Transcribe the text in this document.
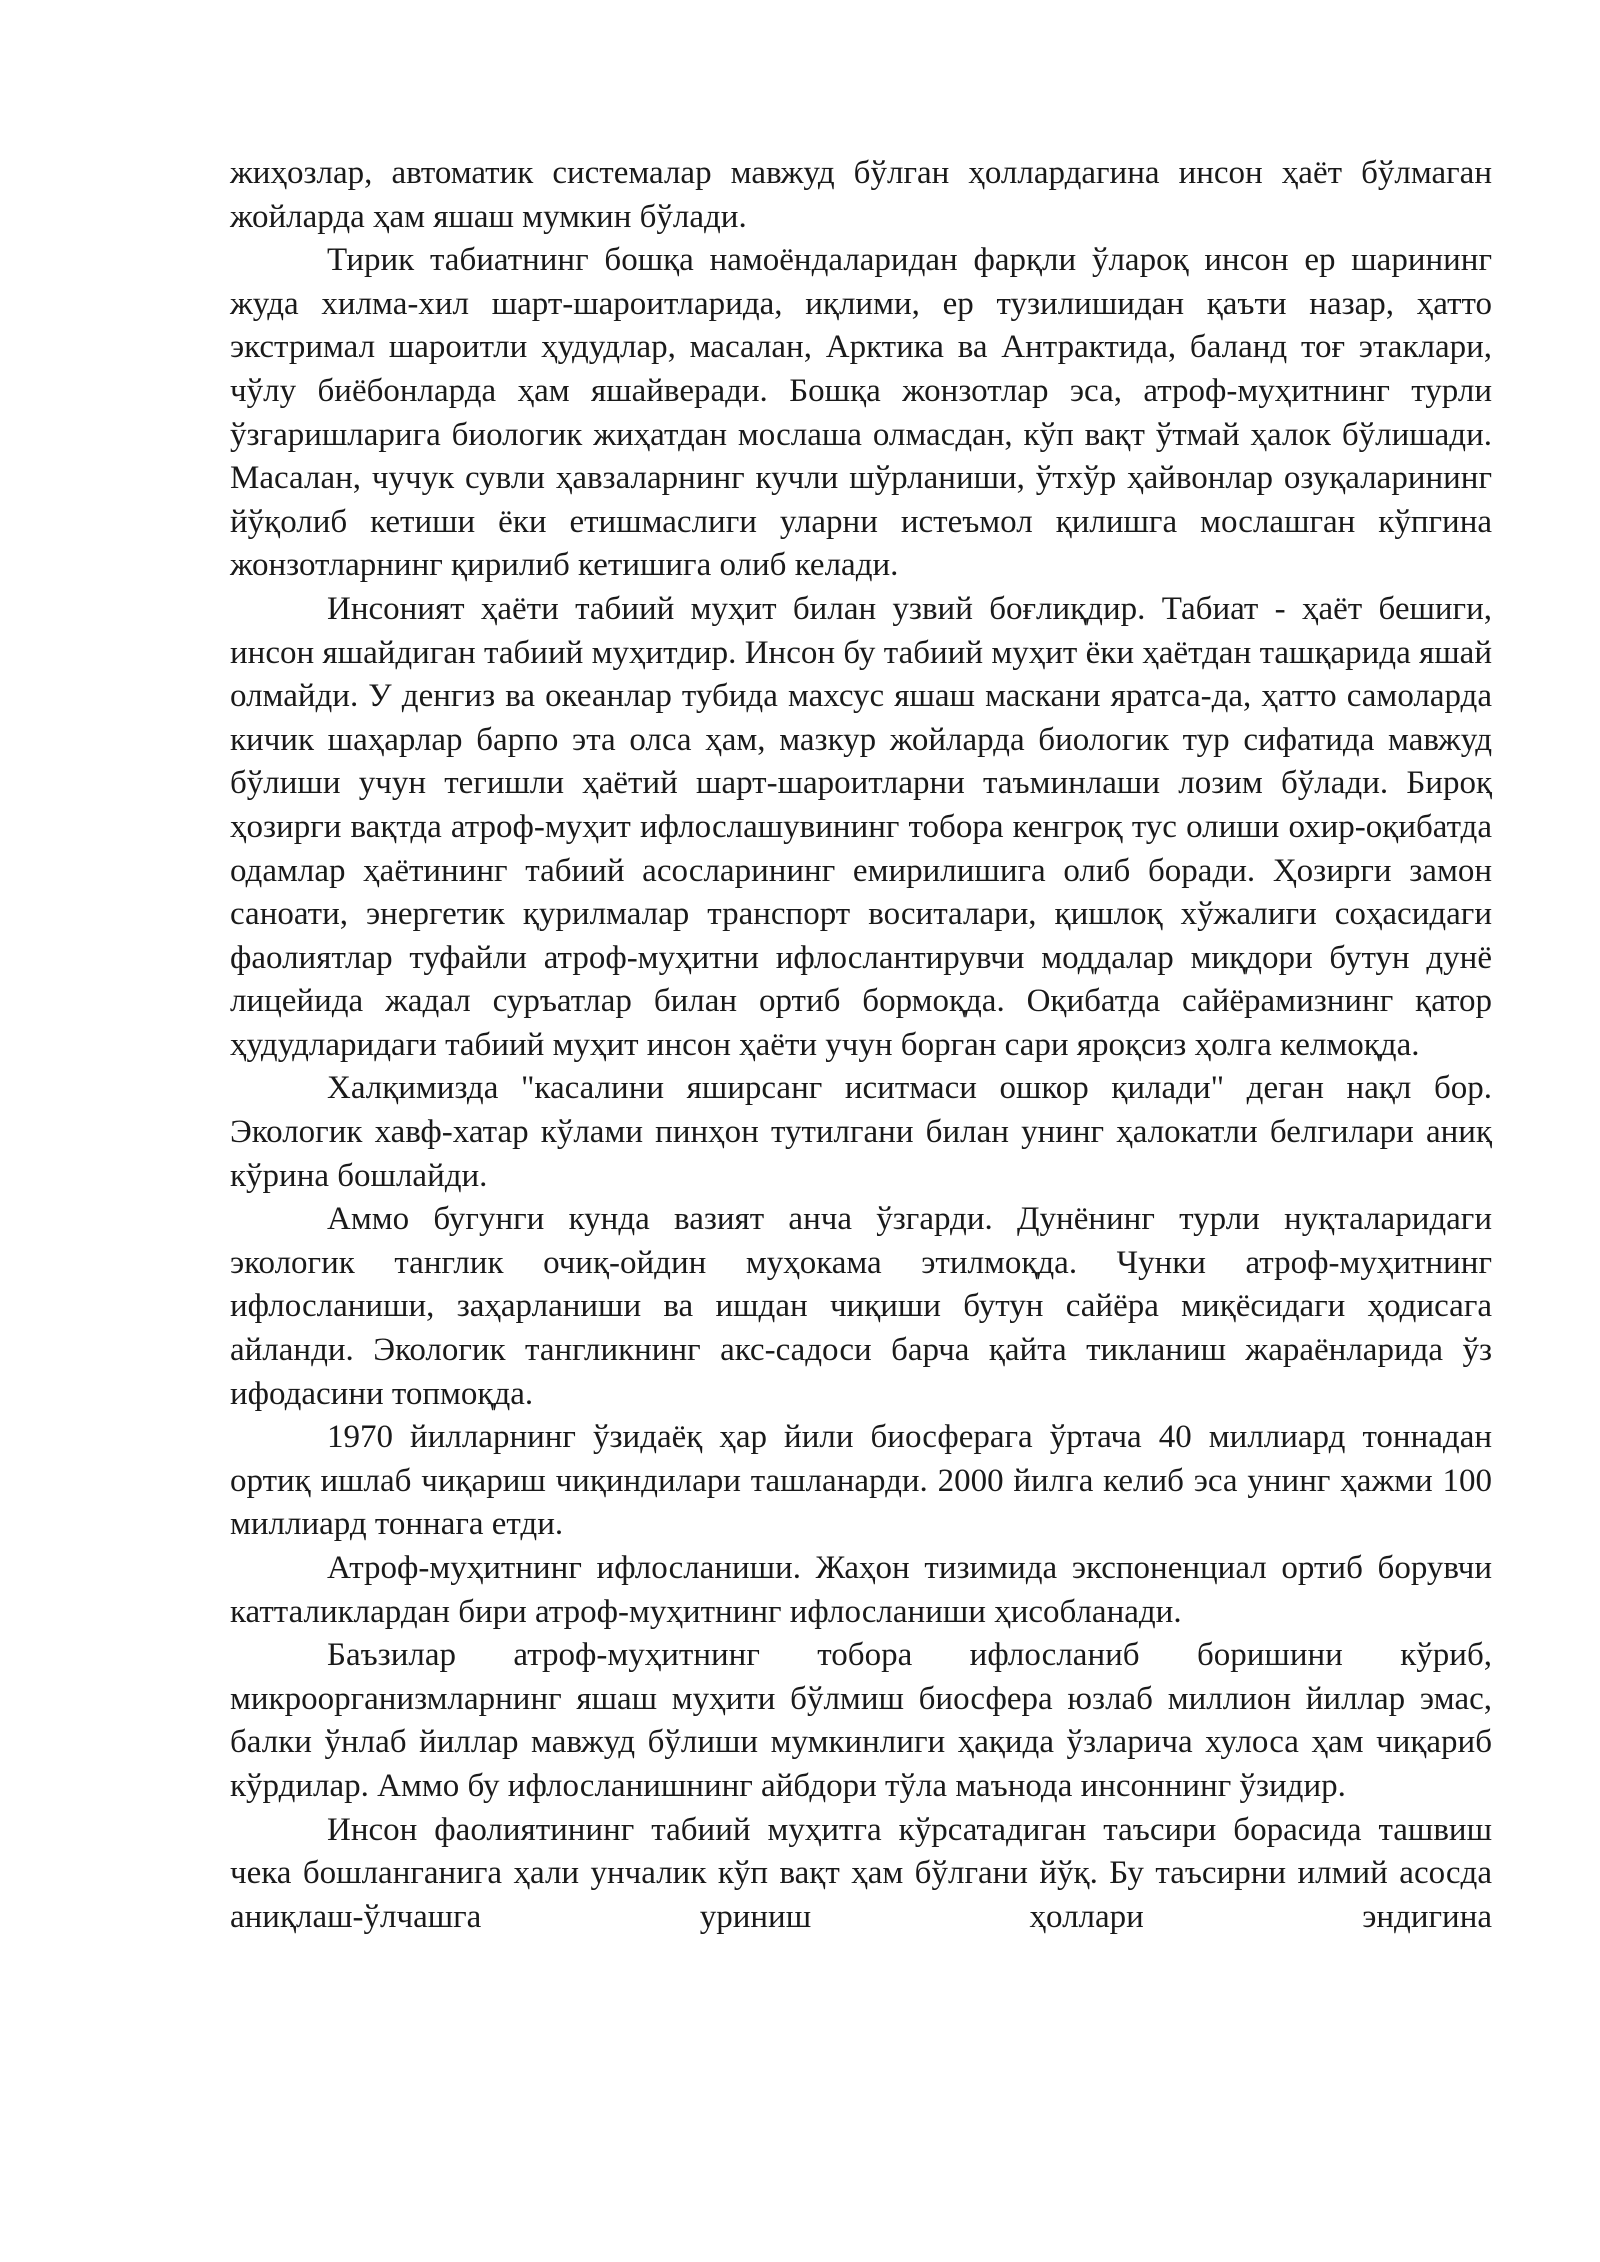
жиҳозлар, автоматик системалар мавжуд бўлган ҳоллардагина инсон ҳаёт бўлмаган жойларда ҳам яшаш мумкин бўлади.

Тирик табиатнинг бошқа намоёндаларидан фарқли ўлароқ инсон ер шарининг жуда хилма-хил шарт-шароитларида, иқлими, ер тузилишидан қаъти назар, ҳатто экстримал шароитли ҳудудлар, масалан, Арктика ва Антрактида, баланд тоғ этаклари, чўлу биёбонларда ҳам яшайверади. Бошқа жонзотлар эса, атроф-муҳитнинг турли ўзгаришларига биологик жиҳатдан мослаша олмасдан, кўп вақт ўтмай ҳалок бўлишади. Масалан, чучук сувли ҳавзаларнинг кучли шўрланиши, ўтхўр ҳайвонлар озуқаларининг йўқолиб кетиши ёки етишмаслиги уларни истеъмол қилишга мослашган кўпгина жонзотларнинг қирилиб кетишига олиб келади.

Инсоният ҳаёти табиий муҳит билан узвий боғлиқдир. Табиат - ҳаёт бешиги, инсон яшайдиган табиий муҳитдир. Инсон бу табиий муҳит ёки ҳаётдан ташқарида яшай олмайди. У денгиз ва океанлар тубида махсус яшаш маскани яратса-да, ҳатто самоларда кичик шаҳарлар барпо эта олса ҳам, мазкур жойларда биологик тур сифатида мавжуд бўлиши учун тегишли ҳаётий шарт-шароитларни таъминлаши лозим бўлади. Бироқ ҳозирги вақтда атроф-муҳит ифлослашувининг тобора кенгроқ тус олиши охир-оқибатда одамлар ҳаётининг табиий асосларининг емирилишига олиб боради. Ҳозирги замон саноати, энергетик қурилмалар транспорт воситалари, қишлоқ хўжалиги соҳасидаги фаолиятлар туфайли атроф-муҳитни ифлослантирувчи моддалар миқдори бутун дунё лицейида жадал суръатлар билан ортиб бормоқда. Оқибатда сайёрамизнинг қатор ҳудудларидаги табиий муҳит инсон ҳаёти учун борган сари яроқсиз ҳолга келмоқда.

Халқимизда "касалини яширсанг иситмаси ошкор қилади" деган нақл бор. Экологик хавф-хатар кўлами пинҳон тутилгани билан унинг ҳалокатли белгилари аниқ кўрина бошлайди.

Аммо бугунги кунда вазият анча ўзгарди. Дунёнинг турли нуқталаридаги экологик танглик очиқ-ойдин муҳокама этилмоқда. Чунки атроф-муҳитнинг ифлосланиши, заҳарланиши ва ишдан чиқиши бутун сайёра миқёсидаги ҳодисага айланди. Экологик тангликнинг акс-садоси барча қайта тикланиш жараёнларида ўз ифодасини топмоқда.

1970 йилларнинг ўзидаёқ ҳар йили биосферага ўртача 40 миллиард тоннадан ортиқ ишлаб чиқариш чиқиндилари ташланарди. 2000 йилга келиб эса унинг ҳажми 100 миллиард тоннага етди.

Атроф-муҳитнинг ифлосланиши. Жаҳон тизимида экспоненциал ортиб борувчи катталиклардан бири атроф-муҳитнинг ифлосланиши ҳисобланади.

Баъзилар атроф-муҳитнинг тобора ифлосланиб боришини кўриб, микроорганизмларнинг яшаш муҳити бўлмиш биосфера юзлаб миллион йиллар эмас, балки ўнлаб йиллар мавжуд бўлиши мумкинлиги ҳақида ўзларича хулоса ҳам чиқариб кўрдилар. Аммо бу ифлосланишнинг айбдори тўла маънода инсоннинг ўзидир.

Инсон фаолиятининг табиий муҳитга кўрсатадиган таъсири борасида ташвиш чека бошланганига ҳали унчалик кўп вақт ҳам бўлгани йўқ. Бу таъсирни илмий асосда аниқлаш-ўлчашга уриниш ҳоллари эндигина
